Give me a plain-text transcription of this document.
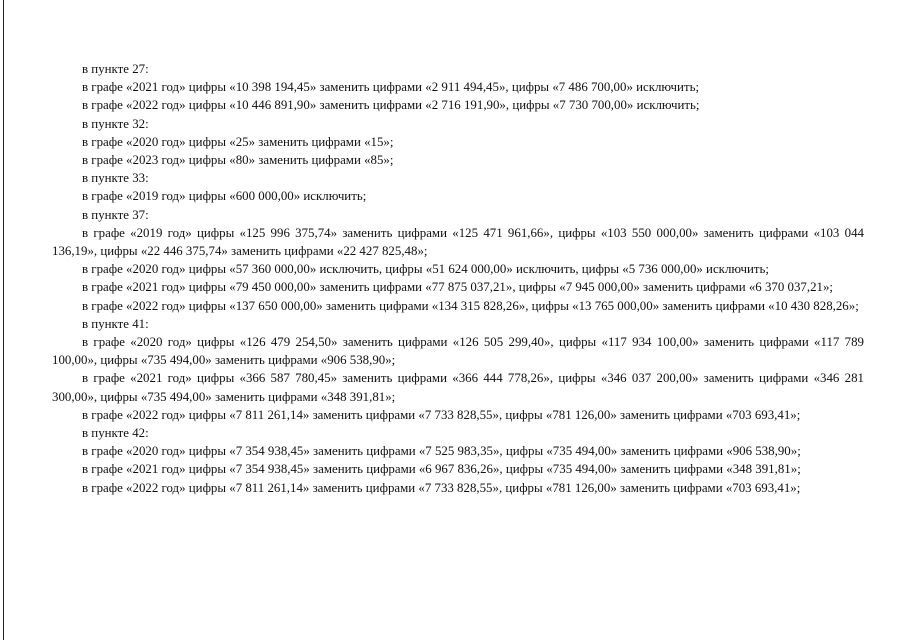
в пункте 27:

в графе «2021 год» цифры «10 398 194,45» заменить цифрами «2 911 494,45», цифры «7 486 700,00» исключить;

в графе «2022 год» цифры «10 446 891,90» заменить цифрами «2 716 191,90», цифры «7 730 700,00» исключить;

в пункте 32:

в графе «2020 год» цифры «25» заменить цифрами «15»;

в графе «2023 год» цифры «80» заменить цифрами «85»;

в пункте 33:

в графе «2019 год» цифры «600 000,00» исключить;

в пункте 37:

в графе «2019 год» цифры «125 996 375,74» заменить цифрами «125 471 961,66», цифры «103 550 000,00» заменить цифрами «103 044 136,19», цифры «22 446 375,74» заменить цифрами «22 427 825,48»;

в графе «2020 год» цифры «57 360 000,00» исключить, цифры «51 624 000,00» исключить, цифры «5 736 000,00» исключить;

в графе «2021 год» цифры «79 450 000,00» заменить цифрами «77 875 037,21», цифры «7 945 000,00» заменить цифрами «6 370 037,21»;

в графе «2022 год» цифры «137 650 000,00» заменить цифрами «134 315 828,26», цифры «13 765 000,00» заменить цифрами «10 430 828,26»;

в пункте 41:

в графе «2020 год» цифры «126 479 254,50» заменить цифрами «126 505 299,40», цифры «117 934 100,00» заменить цифрами «117 789 100,00», цифры «735 494,00» заменить цифрами «906 538,90»;

в графе «2021 год» цифры «366 587 780,45» заменить цифрами «366 444 778,26», цифры «346 037 200,00» заменить цифрами «346 281 300,00», цифры «735 494,00» заменить цифрами «348 391,81»;

в графе «2022 год» цифры «7 811 261,14» заменить цифрами «7 733 828,55», цифры «781 126,00» заменить цифрами «703 693,41»;

в пункте 42:

в графе «2020 год» цифры «7 354 938,45» заменить цифрами «7 525 983,35», цифры «735 494,00» заменить цифрами «906 538,90»;

в графе «2021 год» цифры «7 354 938,45» заменить цифрами «6 967 836,26», цифры «735 494,00» заменить цифрами «348 391,81»;

в графе «2022 год» цифры «7 811 261,14» заменить цифрами «7 733 828,55», цифры «781 126,00» заменить цифрами «703 693,41»;
